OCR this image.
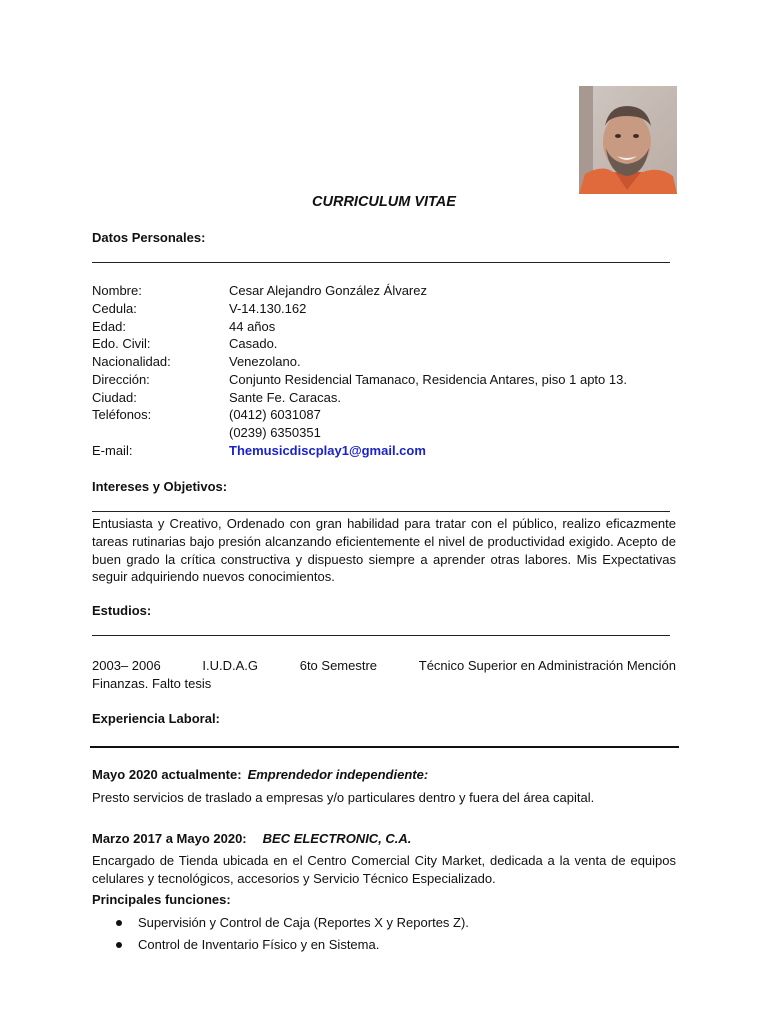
CURRICULUM VITAE
Datos Personales:
Nombre:	Cesar Alejandro González Álvarez
Cedula:	V-14.130.162
Edad:	44 años
Edo. Civil:	Casado.
Nacionalidad:	Venezolano.
Dirección:	Conjunto Residencial Tamanaco, Residencia Antares, piso 1 apto 13.
Ciudad:	Sante Fe. Caracas.
Teléfonos:	(0412) 6031087
(0239) 6350351
E-mail:	Themusicdiscplay1@gmail.com
Intereses y Objetivos:

Entusiasta y Creativo, Ordenado con gran habilidad para tratar con el público, realizo eficazmente tareas rutinarias bajo presión alcanzando eficientemente el nivel de productividad exigido. Acepto de buen grado la crítica constructiva y dispuesto siempre a aprender otras labores. Mis Expectativas seguir adquiriendo nuevos conocimientos.

Estudios:
2003– 2006	I.U.D.A.G	6to Semestre	Técnico Superior en Administración Mención
Finanzas. Falto tesis
Experiencia Laboral:
Mayo 2020 actualmente: Emprendedor independiente:
Presto servicios de traslado a empresas y/o particulares dentro y fuera del área capital.
Marzo 2017 a Mayo 2020: BEC ELECTRONIC, C.A.

Encargado de Tienda ubicada en el Centro Comercial City Market, dedicada a la venta de equipos celulares y tecnológicos, accesorios y Servicio Técnico Especializado.

Principales funciones:
Supervisión y Control de Caja (Reportes X y Reportes Z).
Control de Inventario Físico y en Sistema.
